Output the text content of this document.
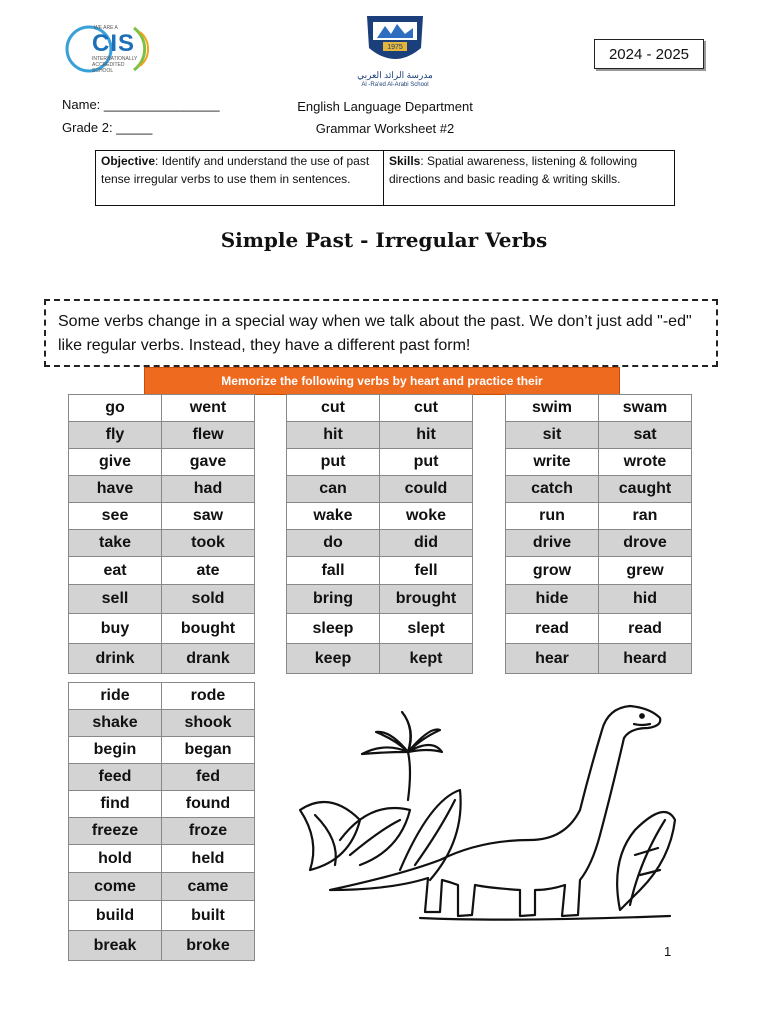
WE ARE A
CIS
INTERNATIONALLY ACCREDITED SCHOOL
1975
مدرسة الرائد العربي
Al -Ra'ed Al-Arabi School
2024 - 2025
Name: ________________
Grade 2: _____
English Language Department
Grammar Worksheet #2
Objective: Identify and understand the use of past tense irregular verbs to use them in sentences.
Skills: Spatial awareness, listening & following directions and basic reading & writing skills.
Simple Past - Irregular Verbs
Some verbs change in a special way when we talk about the past. We don’t just add "-ed" like regular verbs. Instead, they have a different past form!
Memorize the following verbs by heart and practice their
go	went
fly	flew
give	gave
have	had
see	saw
take	took
eat	ate
sell	sold
buy	bought
drink	drank
cut	cut
hit	hit
put	put
can	could
wake	woke
do	did
fall	fell
bring	brought
sleep	slept
keep	kept
swim	swam
sit	sat
write	wrote
catch	caught
run	ran
drive	drove
grow	grew
hide	hid
read	read
hear	heard
ride	rode
shake	shook
begin	began
feed	fed
find	found
freeze	froze
hold	held
come	came
build	built
break	broke	1
